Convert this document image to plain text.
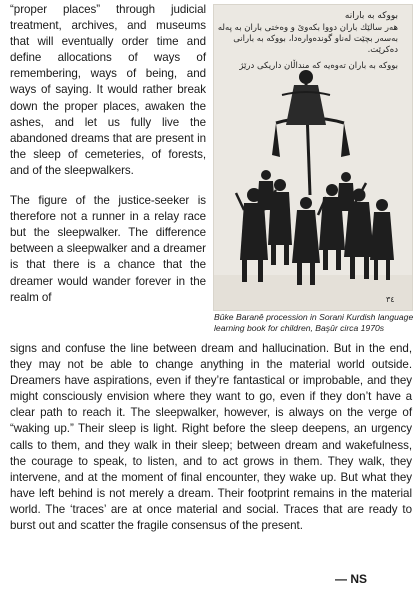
“proper places” through judicial treatment, archives, and museums that will eventually order time and define allocations of ways of remembering, ways of being, and ways of saying. It would rather break down the proper places, awaken the ashes, and let us fully live the abandoned dreams that are present in the sleep of cemeteries, of forests, and of the sleepwalkers.

The figure of the justice-seeker is therefore not a runner in a relay race but the sleepwalker. The difference between a sleepwalker and a dreamer is that there is a chance that the dreamer would wander forever in the realm of

بووکە بە بارانە
هەر سالێك باران دووا بكەوێ و وەختی باران بە پەلە
بەسەر بچێت لەناو گوندەوارەدا، بووکە بە بارانی
دەکرێت.
بووکە بە باران تەوەیە کە منداڵان داریکی درێژ
٣٤
Bûke Baranê procession in Sorani Kurdish language learning book for children, Başûr circa 1970s

signs and confuse the line between dream and hallucination. But in the end, they may not be able to change anything in the material world outside. Dreamers have aspirations, even if they’re fantastical or improbable, and they might consciously envision where they want to go, even if they don’t have a clear path to reach it. The sleepwalker, however, is always on the verge of “waking up.” Their sleep is light. Right before the sleep deepens, an urgency calls to them, and they walk in their sleep; between dream and wakefulness, the courage to speak, to listen, and to act grows in them. They walk, they intervene, and at the moment of final encounter, they wake up. But what they have left behind is not merely a dream. Their footprint remains in the material world. The ‘traces’ are at once material and social. Traces that are ready to burst out and scatter the fragile consensus of the present.

— NS
